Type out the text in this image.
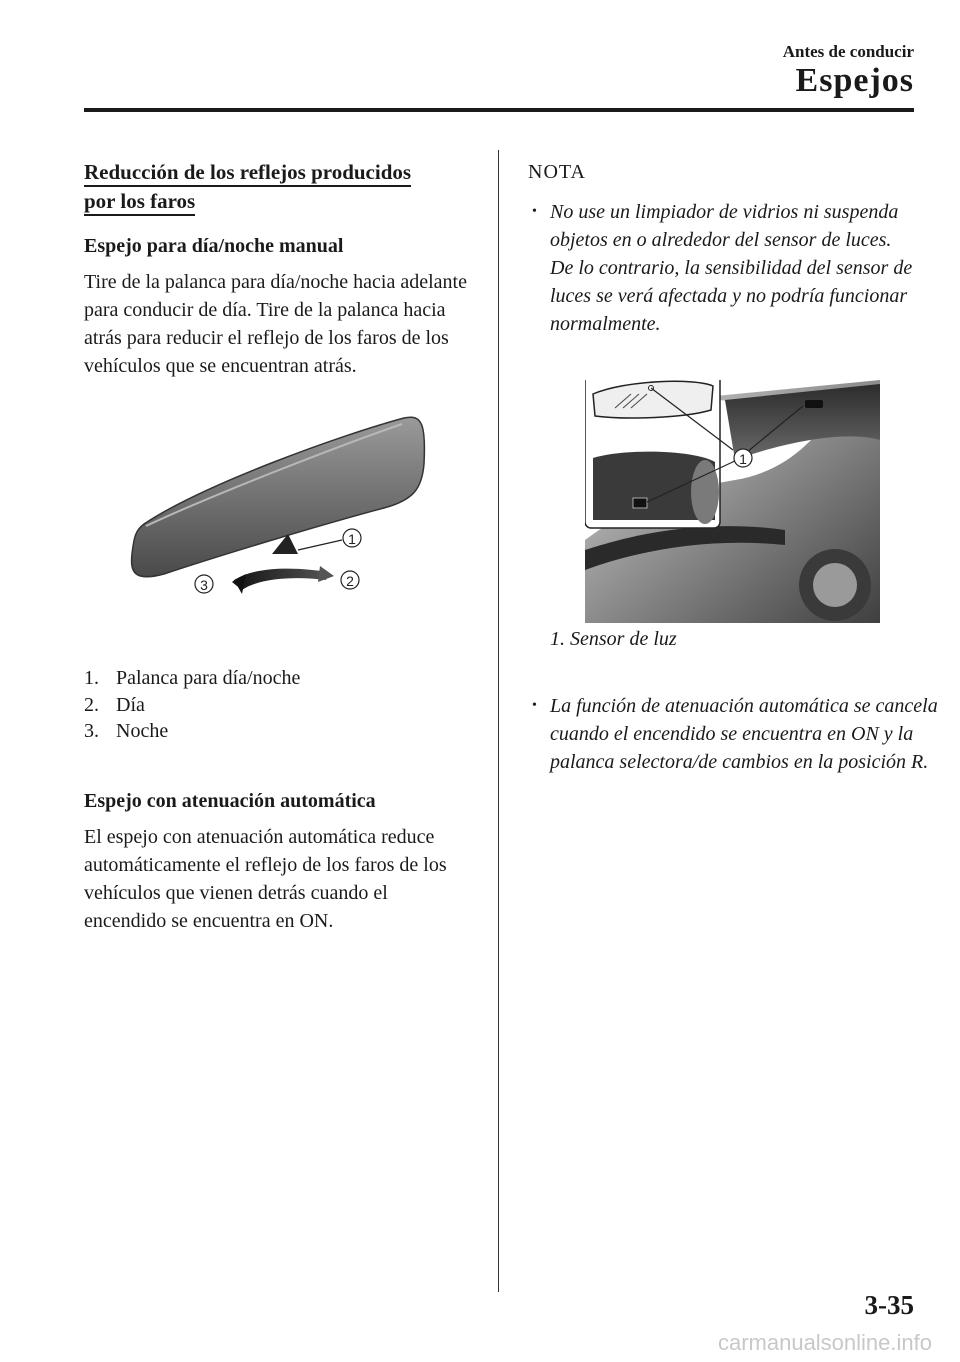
Antes de conducir
Espejos

Reducción de los reflejos producidos
por los faros

Espejo para día/noche manual

Tire de la palanca para día/noche hacia adelante para conducir de día. Tire de la palanca hacia atrás para reducir el reflejo de los faros de los vehículos que se encuentran atrás.

1
2
3
1. Palanca para día/noche
2. Día
3. Noche

Espejo con atenuación automática

El espejo con atenuación automática reduce automáticamente el reflejo de los faros de los vehículos que vienen detrás cuando el encendido se encuentra en ON.

NOTA

• No use un limpiador de vidrios ni suspenda objetos en o alrededor del sensor de luces. De lo contrario, la sensibilidad del sensor de luces se verá afectada y no podría funcionar normalmente.

1
1. Sensor de luz

• La función de atenuación automática se cancela cuando el encendido se encuentra en ON y la palanca selectora/de cambios en la posición R.

3-35
carmanualsonline.info
